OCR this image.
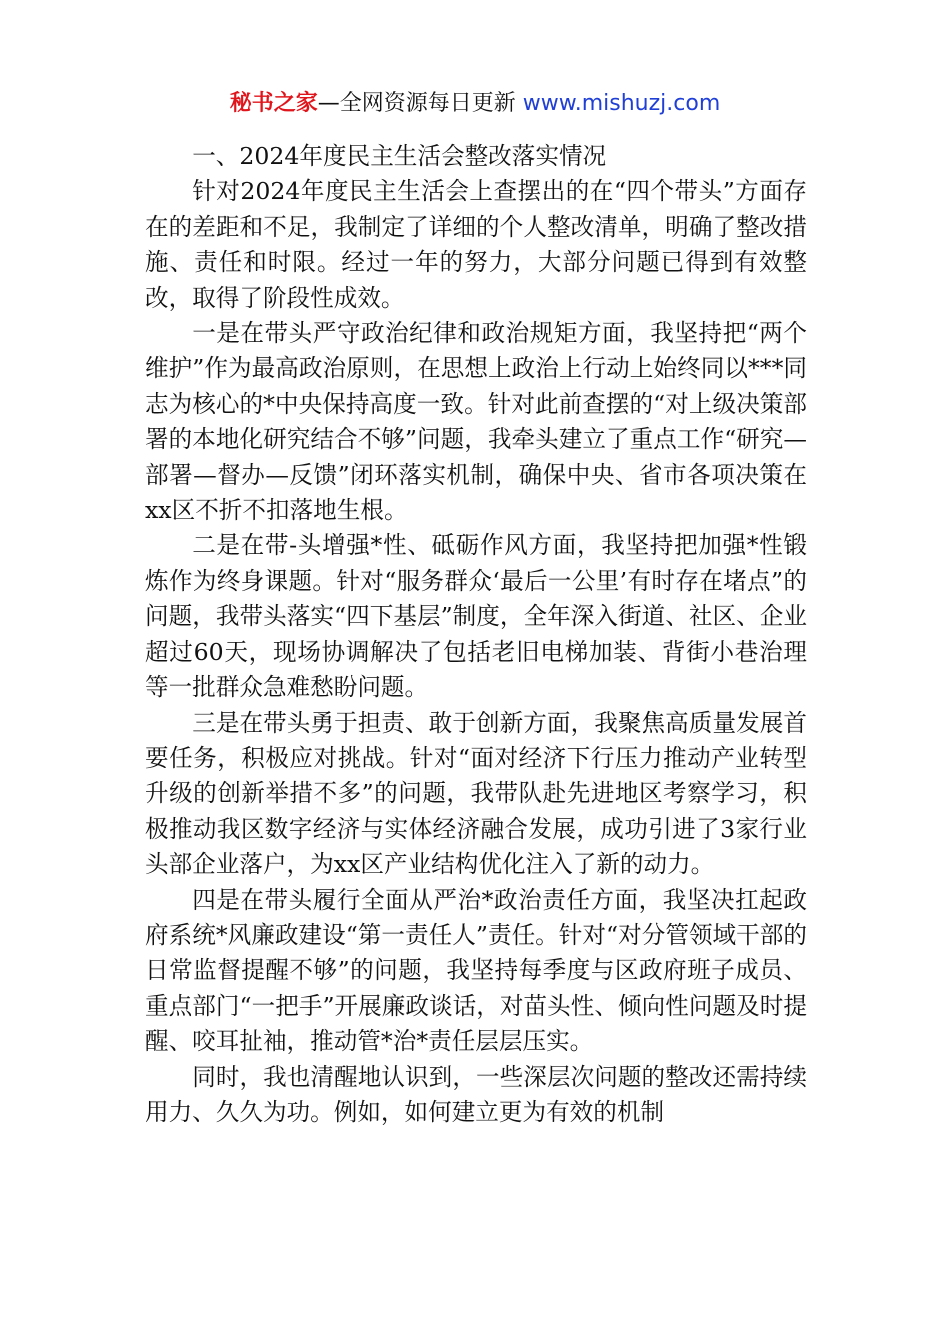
秘书之家—全网资源每日更新 www.mishuzj.com

一、2024年度民主生活会整改落实情况

针对2024年度民主生活会上查摆出的在“四个带头”方面存在的差距和不足，我制定了详细的个人整改清单，明确了整改措施、责任和时限。经过一年的努力，大部分问题已得到有效整改，取得了阶段性成效。

一是在带头严守政治纪律和政治规矩方面，我坚持把“两个维护”作为最高政治原则，在思想上政治上行动上始终同以***同志为核心的*中央保持高度一致。针对此前查摆的“对上级决策部署的本地化研究结合不够”问题，我牵头建立了重点工作“研究—部署—督办—反馈”闭环落实机制，确保中央、省市各项决策在xx区不折不扣落地生根。

二是在带-头增强*性、砥砺作风方面，我坚持把加强*性锻炼作为终身课题。针对“服务群众‘最后一公里’有时存在堵点”的问题，我带头落实“四下基层”制度，全年深入街道、社区、企业超过60天，现场协调解决了包括老旧电梯加装、背街小巷治理等一批群众急难愁盼问题。

三是在带头勇于担责、敢于创新方面，我聚焦高质量发展首要任务，积极应对挑战。针对“面对经济下行压力推动产业转型升级的创新举措不多”的问题，我带队赴先进地区考察学习，积极推动我区数字经济与实体经济融合发展，成功引进了3家行业头部企业落户，为xx区产业结构优化注入了新的动力。

四是在带头履行全面从严治*政治责任方面，我坚决扛起政府系统*风廉政建设“第一责任人”责任。针对“对分管领域干部的日常监督提醒不够”的问题，我坚持每季度与区政府班子成员、重点部门“一把手”开展廉政谈话，对苗头性、倾向性问题及时提醒、咬耳扯袖，推动管*治*责任层层压实。

同时，我也清醒地认识到，一些深层次问题的整改还需持续用力、久久为功。例如，如何建立更为有效的机制
